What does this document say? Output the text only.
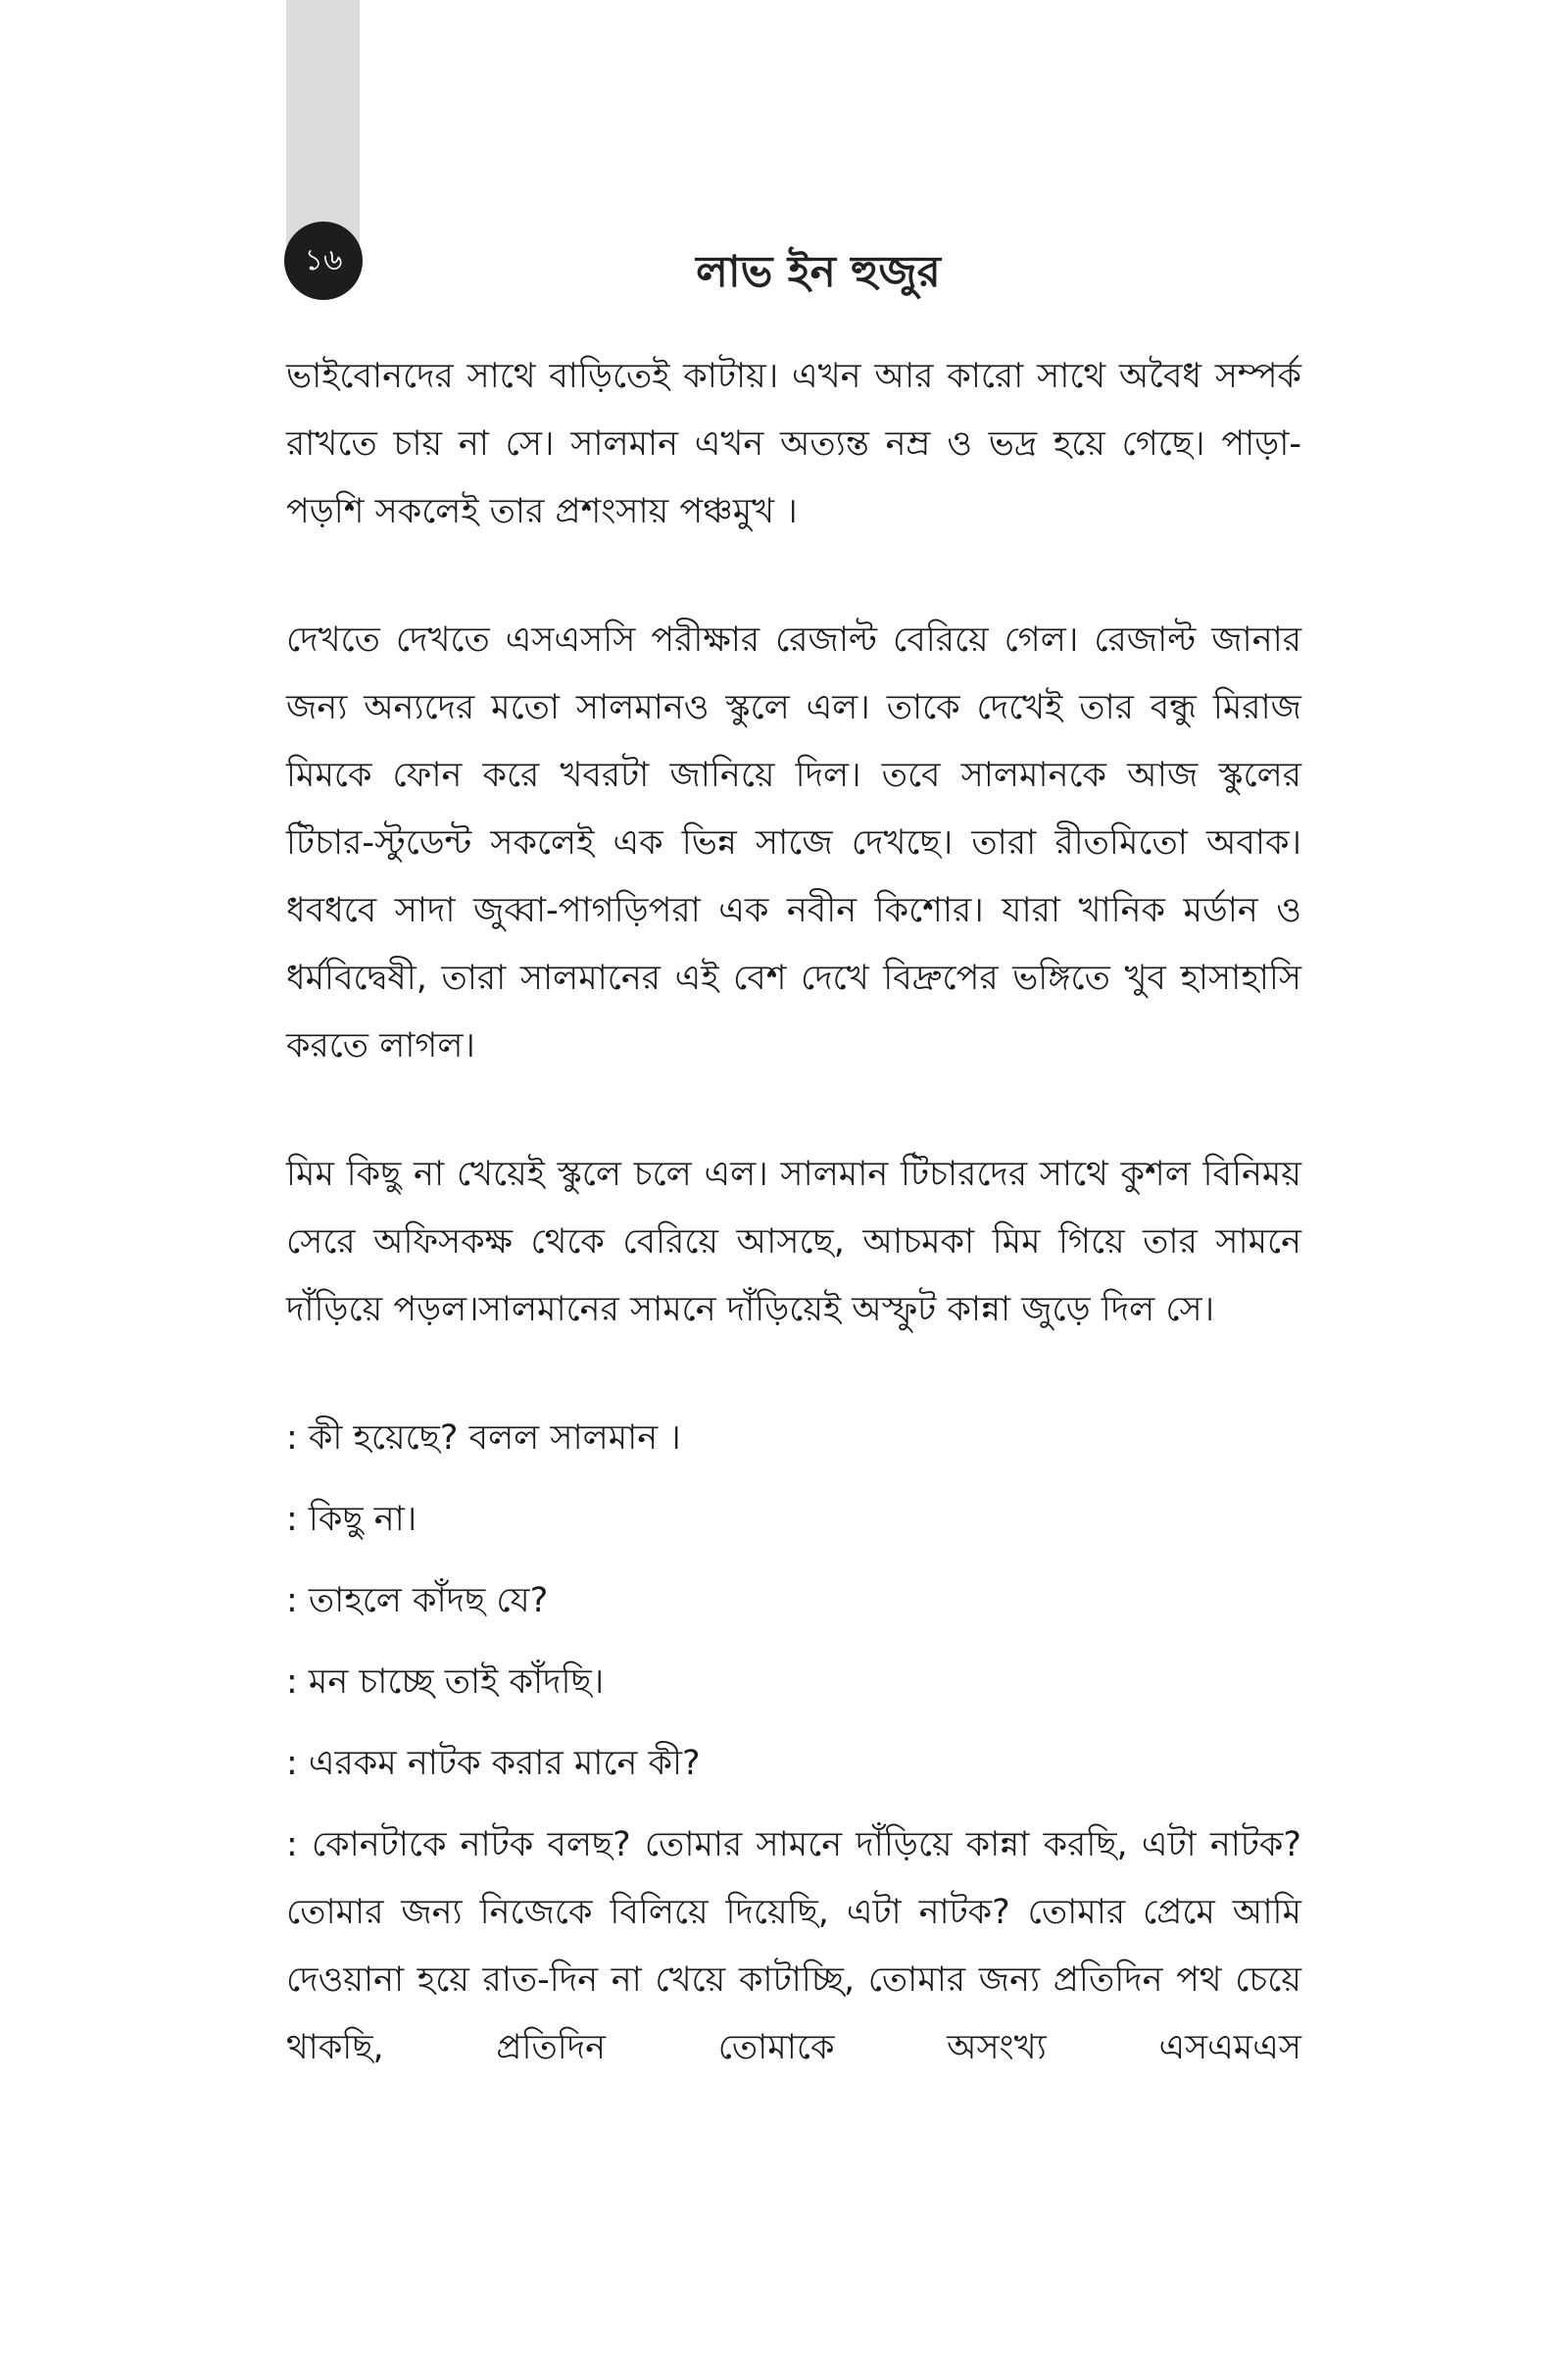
১৬	লাভ ইন হুজুর

ভাইবোনদের সাথে বাড়িতেই কাটায়। এখন আর কারো সাথে অবৈধ সম্পর্ক রাখতে চায় না সে। সালমান এখন অত্যন্ত নম্র ও ভদ্র হয়ে গেছে। পাড়া-পড়শি সকলেই তার প্রশংসায় পঞ্চমুখ ।

দেখতে দেখতে এসএসসি পরীক্ষার রেজাল্ট বেরিয়ে গেল। রেজাল্ট জানার জন্য অন্যদের মতো সালমানও স্কুলে এল। তাকে দেখেই তার বন্ধু মিরাজ মিমকে ফোন করে খবরটা জানিয়ে দিল। তবে সালমানকে আজ স্কুলের টিচার-স্টুডেন্ট সকলেই এক ভিন্ন সাজে দেখছে। তারা রীতমিতো অবাক। ধবধবে সাদা জুব্বা-পাগড়িপরা এক নবীন কিশোর। যারা খানিক মর্ডান ও ধর্মবিদ্বেষী, তারা সালমানের এই বেশ দেখে বিদ্রুপের ভঙ্গিতে খুব হাসাহাসি করতে লাগল।

মিম কিছু না খেয়েই স্কুলে চলে এল। সালমান টিচারদের সাথে কুশল বিনিময় সেরে অফিসকক্ষ থেকে বেরিয়ে আসছে, আচমকা মিম গিয়ে তার সামনে দাঁড়িয়ে পড়ল।সালমানের সামনে দাঁড়িয়েই অস্ফুট কান্না জুড়ে দিল সে।

: কী হয়েছে? বলল সালমান ।

: কিছু না।

: তাহলে কাঁদছ যে?

: মন চাচ্ছে তাই কাঁদছি।

: এরকম নাটক করার মানে কী?

: কোনটাকে নাটক বলছ? তোমার সামনে দাঁড়িয়ে কান্না করছি, এটা নাটক? তোমার জন্য নিজেকে বিলিয়ে দিয়েছি, এটা নাটক? তোমার প্রেমে আমি দেওয়ানা হয়ে রাত-দিন না খেয়ে কাটাচ্ছি, তোমার জন্য প্রতিদিন পথ চেয়ে থাকছি, প্রতিদিন তোমাকে অসংখ্য এসএমএস
